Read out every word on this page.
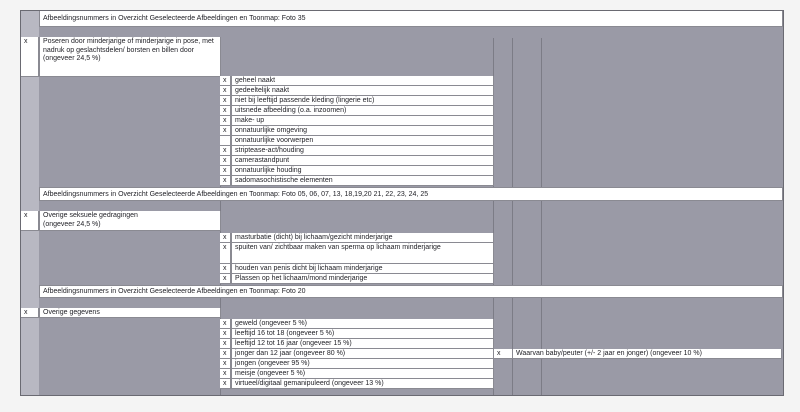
Afbeeldingsnummers in Overzicht Geselecteerde Afbeeldingen en Toonmap: Foto 35
x	Poseren door minderjarige of minderjarige in pose, met nadruk op geslachtsdelen/ borsten en billen door
(ongeveer 24,5 %)
x	geheel naakt
x	gedeeltelijk naakt
x	niet bij leeftijd passende kleding (lingerie etc)
x	uitsnede afbeelding (o.a. inzoomen)
x	make- up
x	onnatuurlijke omgeving
onnatuurlijke voorwerpen
x	striptease-act/houding
x	camerastandpunt
x	onnatuurlijke houding
x	sadomasochistische elementen
Afbeeldingsnummers in Overzicht Geselecteerde Afbeeldingen en Toonmap: Foto 05, 06, 07, 13, 18,19,20 21, 22, 23, 24, 25
x	Overige seksuele gedragingen
(ongeveer 24,5 %)
x	masturbatie (dicht) bij lichaam/gezicht minderjarige
x	spuiten van/ zichtbaar maken van sperma op lichaam minderjarige
x	houden van penis dicht bij lichaam minderjarige
x	Plassen op het lichaam/mond minderjarige
Afbeeldingsnummers in Overzicht Geselecteerde Afbeeldingen en Toonmap: Foto 20
x	Overige gegevens
x	geweld (ongeveer 5 %)
x	leeftijd 16 tot 18 (ongeveer 5 %)
x	leeftijd 12 tot 16 jaar (ongeveer 15 %)
x	jonger dan 12 jaar (ongeveer 80 %)	x	Waarvan baby/peuter (+/- 2 jaar en jonger) (ongeveer 10 %)
x	jongen (ongeveer 95 %)
x	meisje (ongeveer 5 %)
x	virtueel/digitaal gemanipuleerd (ongeveer 13 %)
